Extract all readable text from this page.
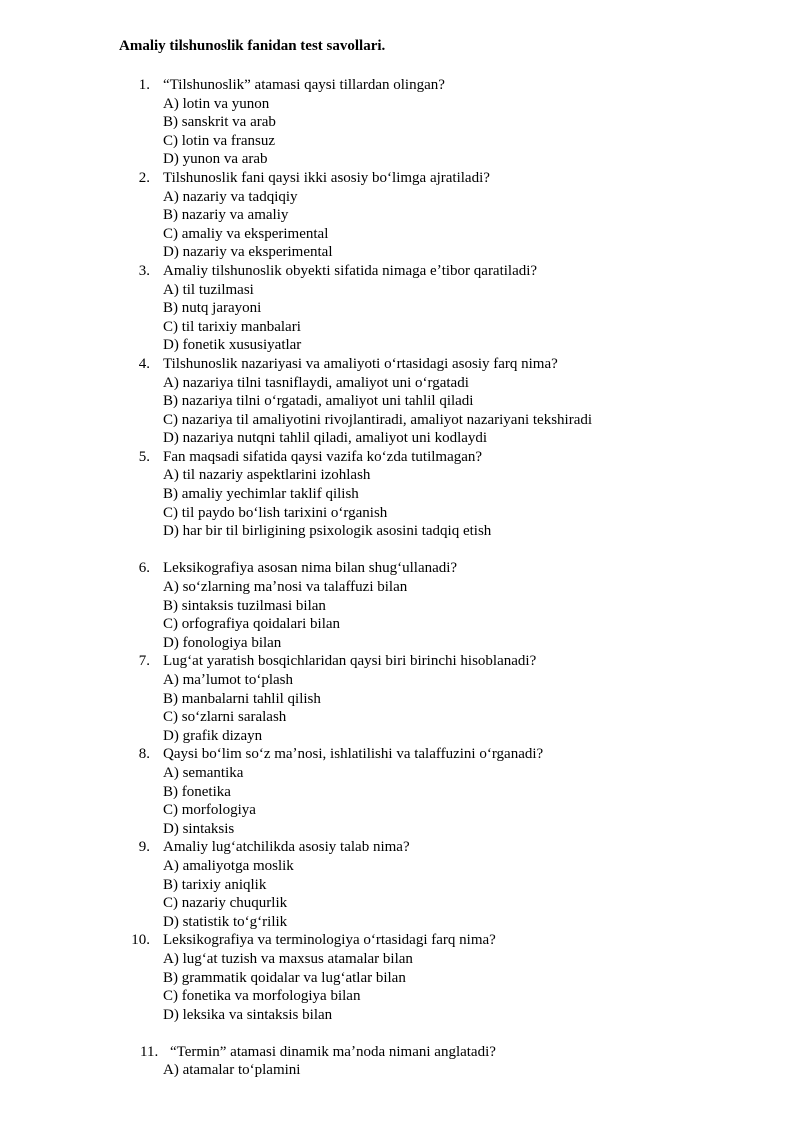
Amaliy tilshunoslik fanidan test savollari.
1. “Tilshunoslik” atamasi qaysi tillardan olingan?
A) lotin va yunon
B) sanskrit va arab
C) lotin va fransuz
D) yunon va arab
2. Tilshunoslik fani qaysi ikki asosiy boʻlimga ajratiladi?
A) nazariy va tadqiqiy
B) nazariy va amaliy
C) amaliy va eksperimental
D) nazariy va eksperimental
3. Amaliy tilshunoslik obyekti sifatida nimaga eʼtibor qaratiladi?
A) til tuzilmasi
B) nutq jarayoni
C) til tarixiy manbalari
D) fonetik xususiyatlar
4. Tilshunoslik nazariyasi va amaliyoti oʻrtasidagi asosiy farq nima?
A) nazariya tilni tasniflaydi, amaliyot uni oʻrgatadi
B) nazariya tilni oʻrgatadi, amaliyot uni tahlil qiladi
C) nazariya til amaliyotini rivojlantiradi, amaliyot nazariyani tekshiradi
D) nazariya nutqni tahlil qiladi, amaliyot uni kodlaydi
5. Fan maqsadi sifatida qaysi vazifa koʻzda tutilmagan?
A) til nazariy aspektlarini izohlash
B) amaliy yechimlar taklif qilish
C) til paydo boʻlish tarixini oʻrganish
D) har bir til birligining psixologik asosini tadqiq etish
6. Leksikografiya asosan nima bilan shugʻullanadi?
A) soʻzlarning maʼnosi va talaffuzi bilan
B) sintaksis tuzilmasi bilan
C) orfografiya qoidalari bilan
D) fonologiya bilan
7. Lugʻat yaratish bosqichlaridan qaysi biri birinchi hisoblanadi?
A) maʼlumot toʻplash
B) manbalarni tahlil qilish
C) soʻzlarni saralash
D) grafik dizayn
8. Qaysi boʻlim soʻz maʼnosi, ishlatilishi va talaffuzini oʻrganadi?
A) semantika
B) fonetika
C) morfologiya
D) sintaksis
9. Amaliy lugʻatchilikda asosiy talab nima?
A) amaliyotga moslik
B) tarixiy aniqlik
C) nazariy chuqurlik
D) statistik toʻgʻrilik
10. Leksikografiya va terminologiya oʻrtasidagi farq nima?
A) lugʻat tuzish va maxsus atamalar bilan
B) grammatik qoidalar va lugʻatlar bilan
C) fonetika va morfologiya bilan
D) leksika va sintaksis bilan
11. “Termin” atamasi dinamik maʼnoda nimani anglatadi?
A) atamalar toʻplamini
